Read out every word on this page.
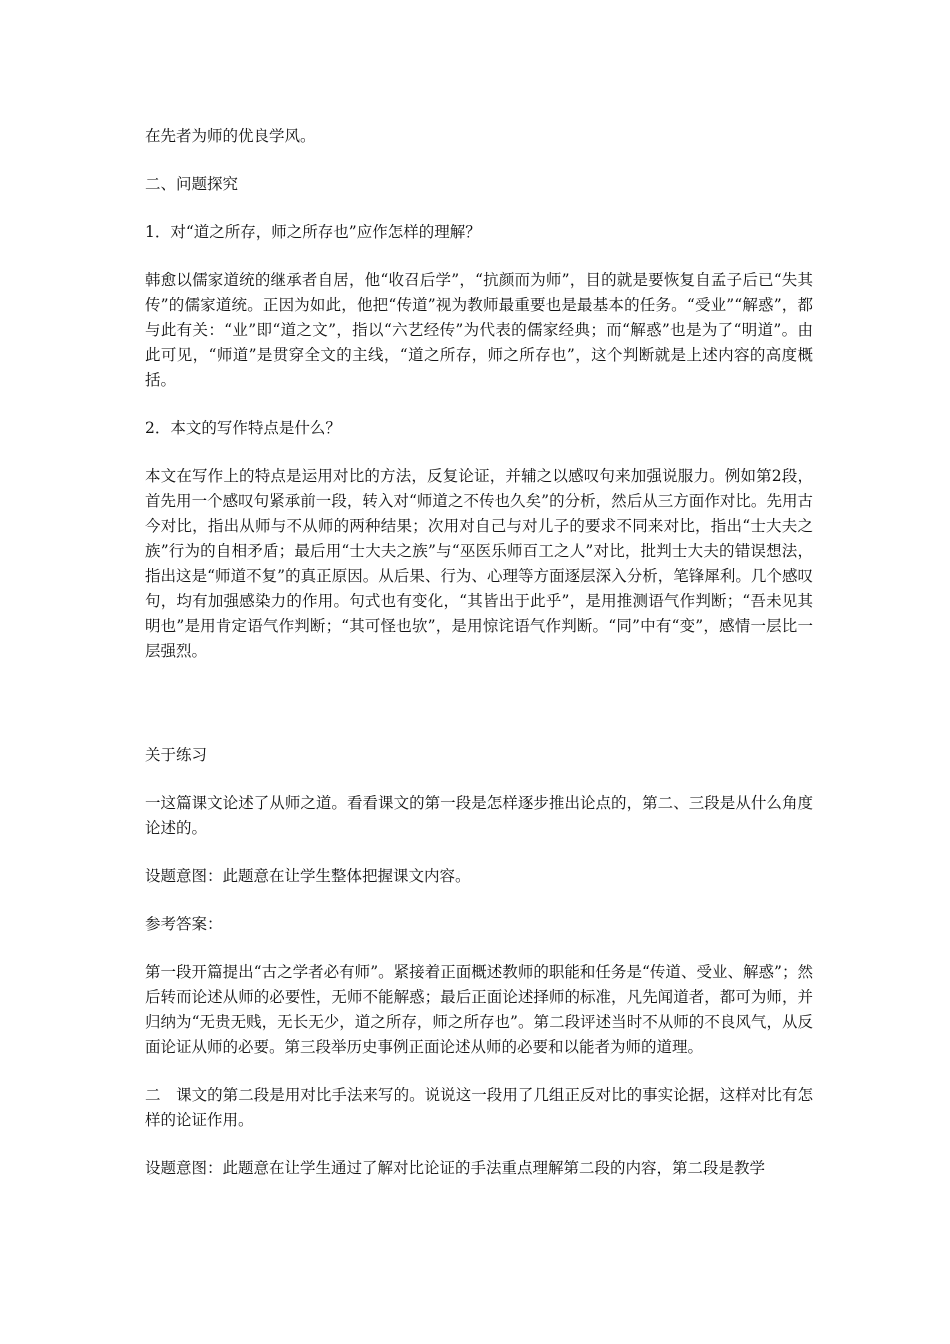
在先者为师的优良学风。

二、问题探究

1．对“道之所存，师之所存也”应作怎样的理解？

韩愈以儒家道统的继承者自居，他“收召后学”，“抗颜而为师”，目的就是要恢复自孟子后已“失其传”的儒家道统。正因为如此，他把“传道”视为教师最重要也是最基本的任务。“受业”“解惑”，都与此有关：“业”即“道之文”，指以“六艺经传”为代表的儒家经典；而“解惑”也是为了“明道”。由此可见，“师道”是贯穿全文的主线，“道之所存，师之所存也”，这个判断就是上述内容的高度概括。

2．本文的写作特点是什么？

本文在写作上的特点是运用对比的方法，反复论证，并辅之以感叹句来加强说服力。例如第2段，首先用一个感叹句紧承前一段，转入对“师道之不传也久矣”的分析，然后从三方面作对比。先用古今对比，指出从师与不从师的两种结果；次用对自己与对儿子的要求不同来对比，指出“士大夫之族”行为的自相矛盾；最后用“士大夫之族”与“巫医乐师百工之人”对比，批判士大夫的错误想法，指出这是“师道不复”的真正原因。从后果、行为、心理等方面逐层深入分析，笔锋犀利。几个感叹句，均有加强感染力的作用。句式也有变化，“其皆出于此乎”，是用推测语气作判断；“吾未见其明也”是用肯定语气作判断；“其可怪也欤”，是用惊诧语气作判断。“同”中有“变”，感情一层比一层强烈。

关于练习

一这篇课文论述了从师之道。看看课文的第一段是怎样逐步推出论点的，第二、三段是从什么角度论述的。

设题意图：此题意在让学生整体把握课文内容。

参考答案：

第一段开篇提出“古之学者必有师”。紧接着正面概述教师的职能和任务是“传道、受业、解惑”；然后转而论述从师的必要性，无师不能解惑；最后正面论述择师的标准，凡先闻道者，都可为师，并归纳为“无贵无贱，无长无少，道之所存，师之所存也”。第二段评述当时不从师的不良风气，从反面论证从师的必要。第三段举历史事例正面论述从师的必要和以能者为师的道理。

二　课文的第二段是用对比手法来写的。说说这一段用了几组正反对比的事实论据，这样对比有怎样的论证作用。

设题意图：此题意在让学生通过了解对比论证的手法重点理解第二段的内容，第二段是教学
